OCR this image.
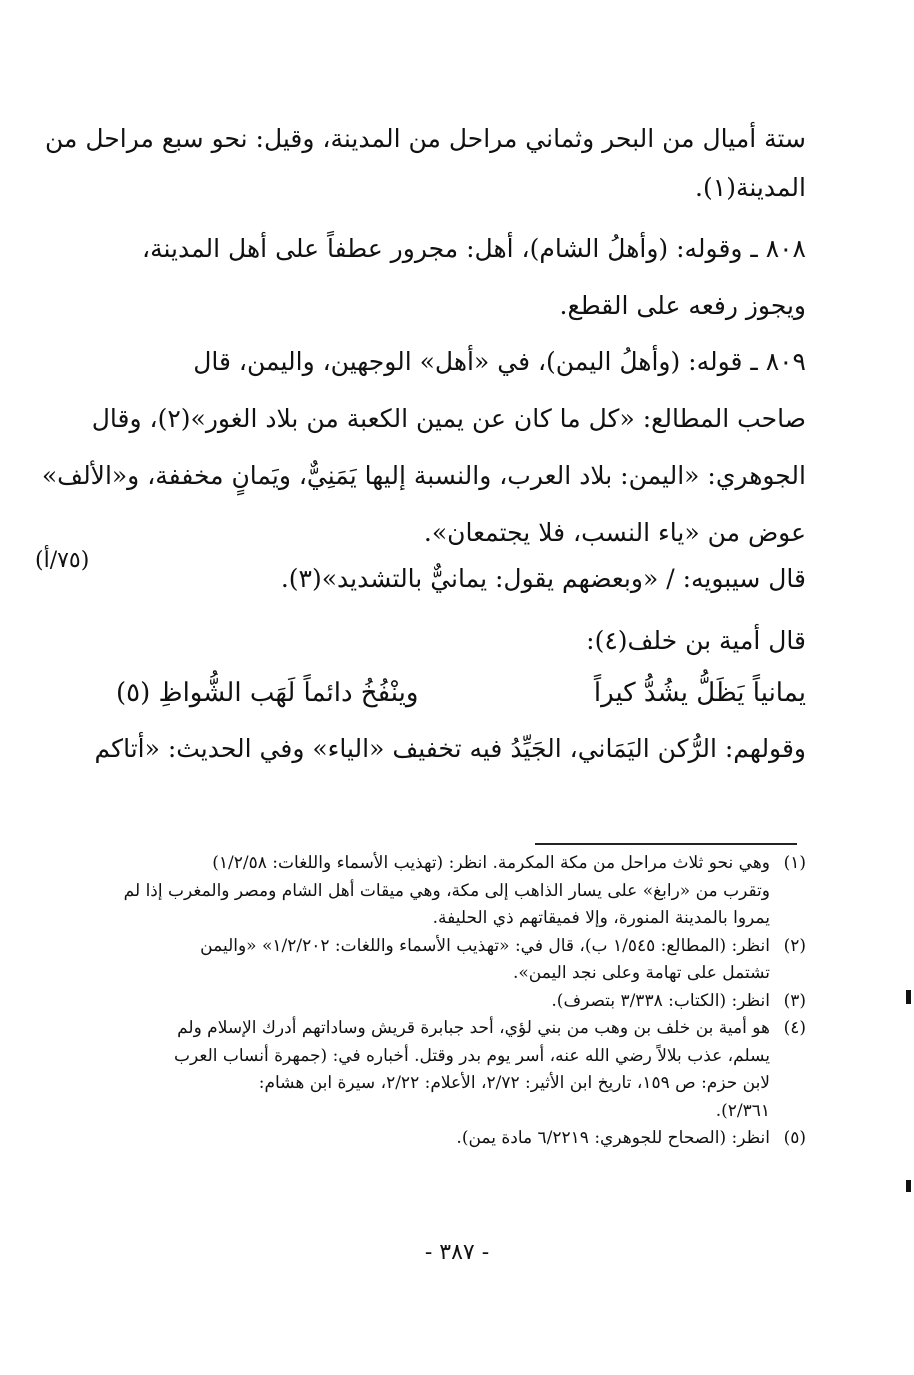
ستة أميال من البحر وثماني مراحل من المدينة، وقيل: نحو سبع مراحل من
المدينة(١).
٨٠٨ ـ وقوله: (وأهلُ الشام)، أهل: مجرور عطفاً على أهل المدينة،
ويجوز رفعه على القطع.
٨٠٩ ـ قوله: (وأهلُ اليمن)، في «أهل» الوجهين، واليمن، قال
صاحب المطالع: «كل ما كان عن يمين الكعبة من بلاد الغور»(٢)، وقال
الجوهري: «اليمن: بلاد العرب، والنسبة إليها يَمَنِيٌّ، ويَمانٍ مخففة، و«الألف»
عوض من «ياء النسب، فلا يجتمعان».
قال سيبويه: / «وبعضهم يقول: يمانيٌّ بالتشديد»(٣).
قال أمية بن خلف(٤):
(٧٥/أ)
يمانياً يَظَلُّ يشُدُّ كيراً
وينْفُخُ دائماً لَهَب الشُّواظِ (٥)
وقولهم: الرُّكن اليَمَاني، الجَيِّدُ فيه تخفيف «الياء» وفي الحديث: «أتاكم
(١)
وهي نحو ثلاث مراحل من مكة المكرمة. انظر: (تهذيب الأسماء واللغات: ١/٢/٥٨)
وتقرب من «رابغ» على يسار الذاهب إلى مكة، وهي ميقات أهل الشام ومصر والمغرب إذا لم
يمروا بالمدينة المنورة، وإلا فميقاتهم ذي الحليفة.
(٢)
انظر: (المطالع: ١/٥٤٥ ب)، قال في: «تهذيب الأسماء واللغات: ١/٢/٢٠٢» «واليمن
تشتمل على تهامة وعلى نجد اليمن».
(٣)
انظر: (الكتاب: ٣/٣٣٨ بتصرف).
(٤)
هو أمية بن خلف بن وهب من بني لؤي، أحد جبابرة قريش وساداتهم أدرك الإسلام ولم
يسلم، عذب بلالاً رضي الله عنه، أسر يوم بدر وقتل. أخباره في: (جمهرة أنساب العرب
لابن حزم: ص ١٥٩، تاريخ ابن الأثير: ٢/٧٢، الأعلام: ٢/٢٢، سيرة ابن هشام:
٢/٣٦١).
(٥)
انظر: (الصحاح للجوهري: ٦/٢٢١٩ مادة يمن).
- ٣٨٧ -
